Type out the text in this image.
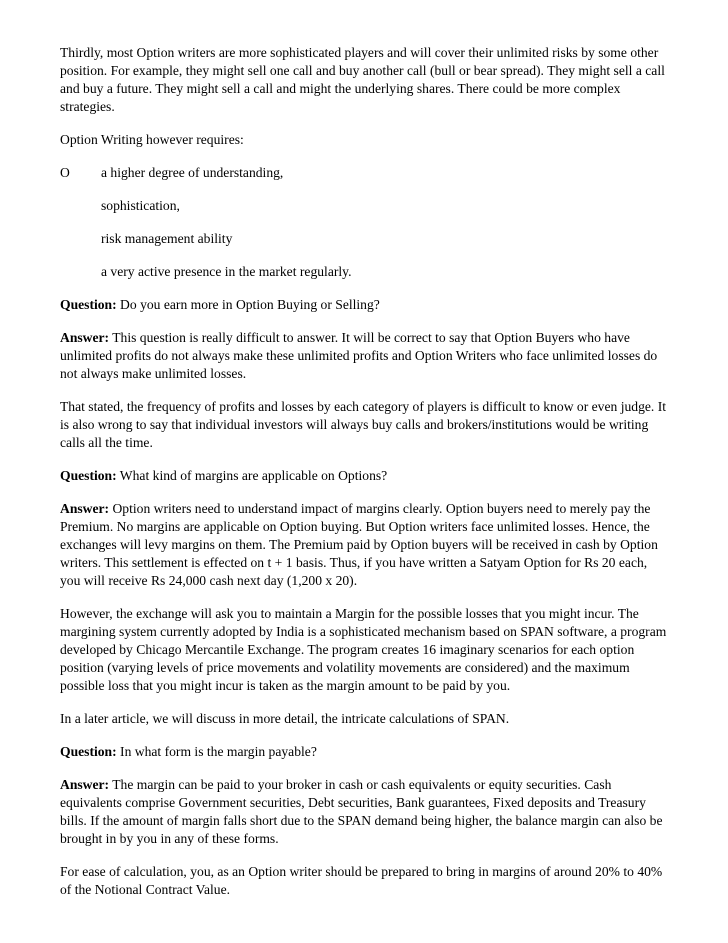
Thirdly, most Option writers are more sophisticated players and will cover their unlimited risks by some other position. For example, they might sell one call and buy another call (bull or bear spread). They might sell a call and buy a future. They might sell a call and might the underlying shares. There could be more complex strategies.

Option Writing however requires:

O	a higher degree of understanding,
sophistication,
risk management ability
a very active presence in the market regularly.

Question: Do you earn more in Option Buying or Selling?

Answer: This question is really difficult to answer. It will be correct to say that Option Buyers who have unlimited profits do not always make these unlimited profits and Option Writers who face unlimited losses do not always make unlimited losses.

That stated, the frequency of profits and losses by each category of players is difficult to know or even judge. It is also wrong to say that individual investors will always buy calls and brokers/institutions would be writing calls all the time.

Question: What kind of margins are applicable on Options?

Answer: Option writers need to understand impact of margins clearly. Option buyers need to merely pay the Premium. No margins are applicable on Option buying. But Option writers face unlimited losses. Hence, the exchanges will levy margins on them. The Premium paid by Option buyers will be received in cash by Option writers. This settlement is effected on t + 1 basis. Thus, if you have written a Satyam Option for Rs 20 each, you will receive Rs 24,000 cash next day (1,200 x 20).

However, the exchange will ask you to maintain a Margin for the possible losses that you might incur. The margining system currently adopted by India is a sophisticated mechanism based on SPAN software, a program developed by Chicago Mercantile Exchange. The program creates 16 imaginary scenarios for each option position (varying levels of price movements and volatility movements are considered) and the maximum possible loss that you might incur is taken as the margin amount to be paid by you.

In a later article, we will discuss in more detail, the intricate calculations of SPAN.

Question: In what form is the margin payable?

Answer: The margin can be paid to your broker in cash or cash equivalents or equity securities. Cash equivalents comprise Government securities, Debt securities, Bank guarantees, Fixed deposits and Treasury bills. If the amount of margin falls short due to the SPAN demand being higher, the balance margin can also be brought in by you in any of these forms.

For ease of calculation, you, as an Option writer should be prepared to bring in margins of around 20% to 40% of the Notional Contract Value.
